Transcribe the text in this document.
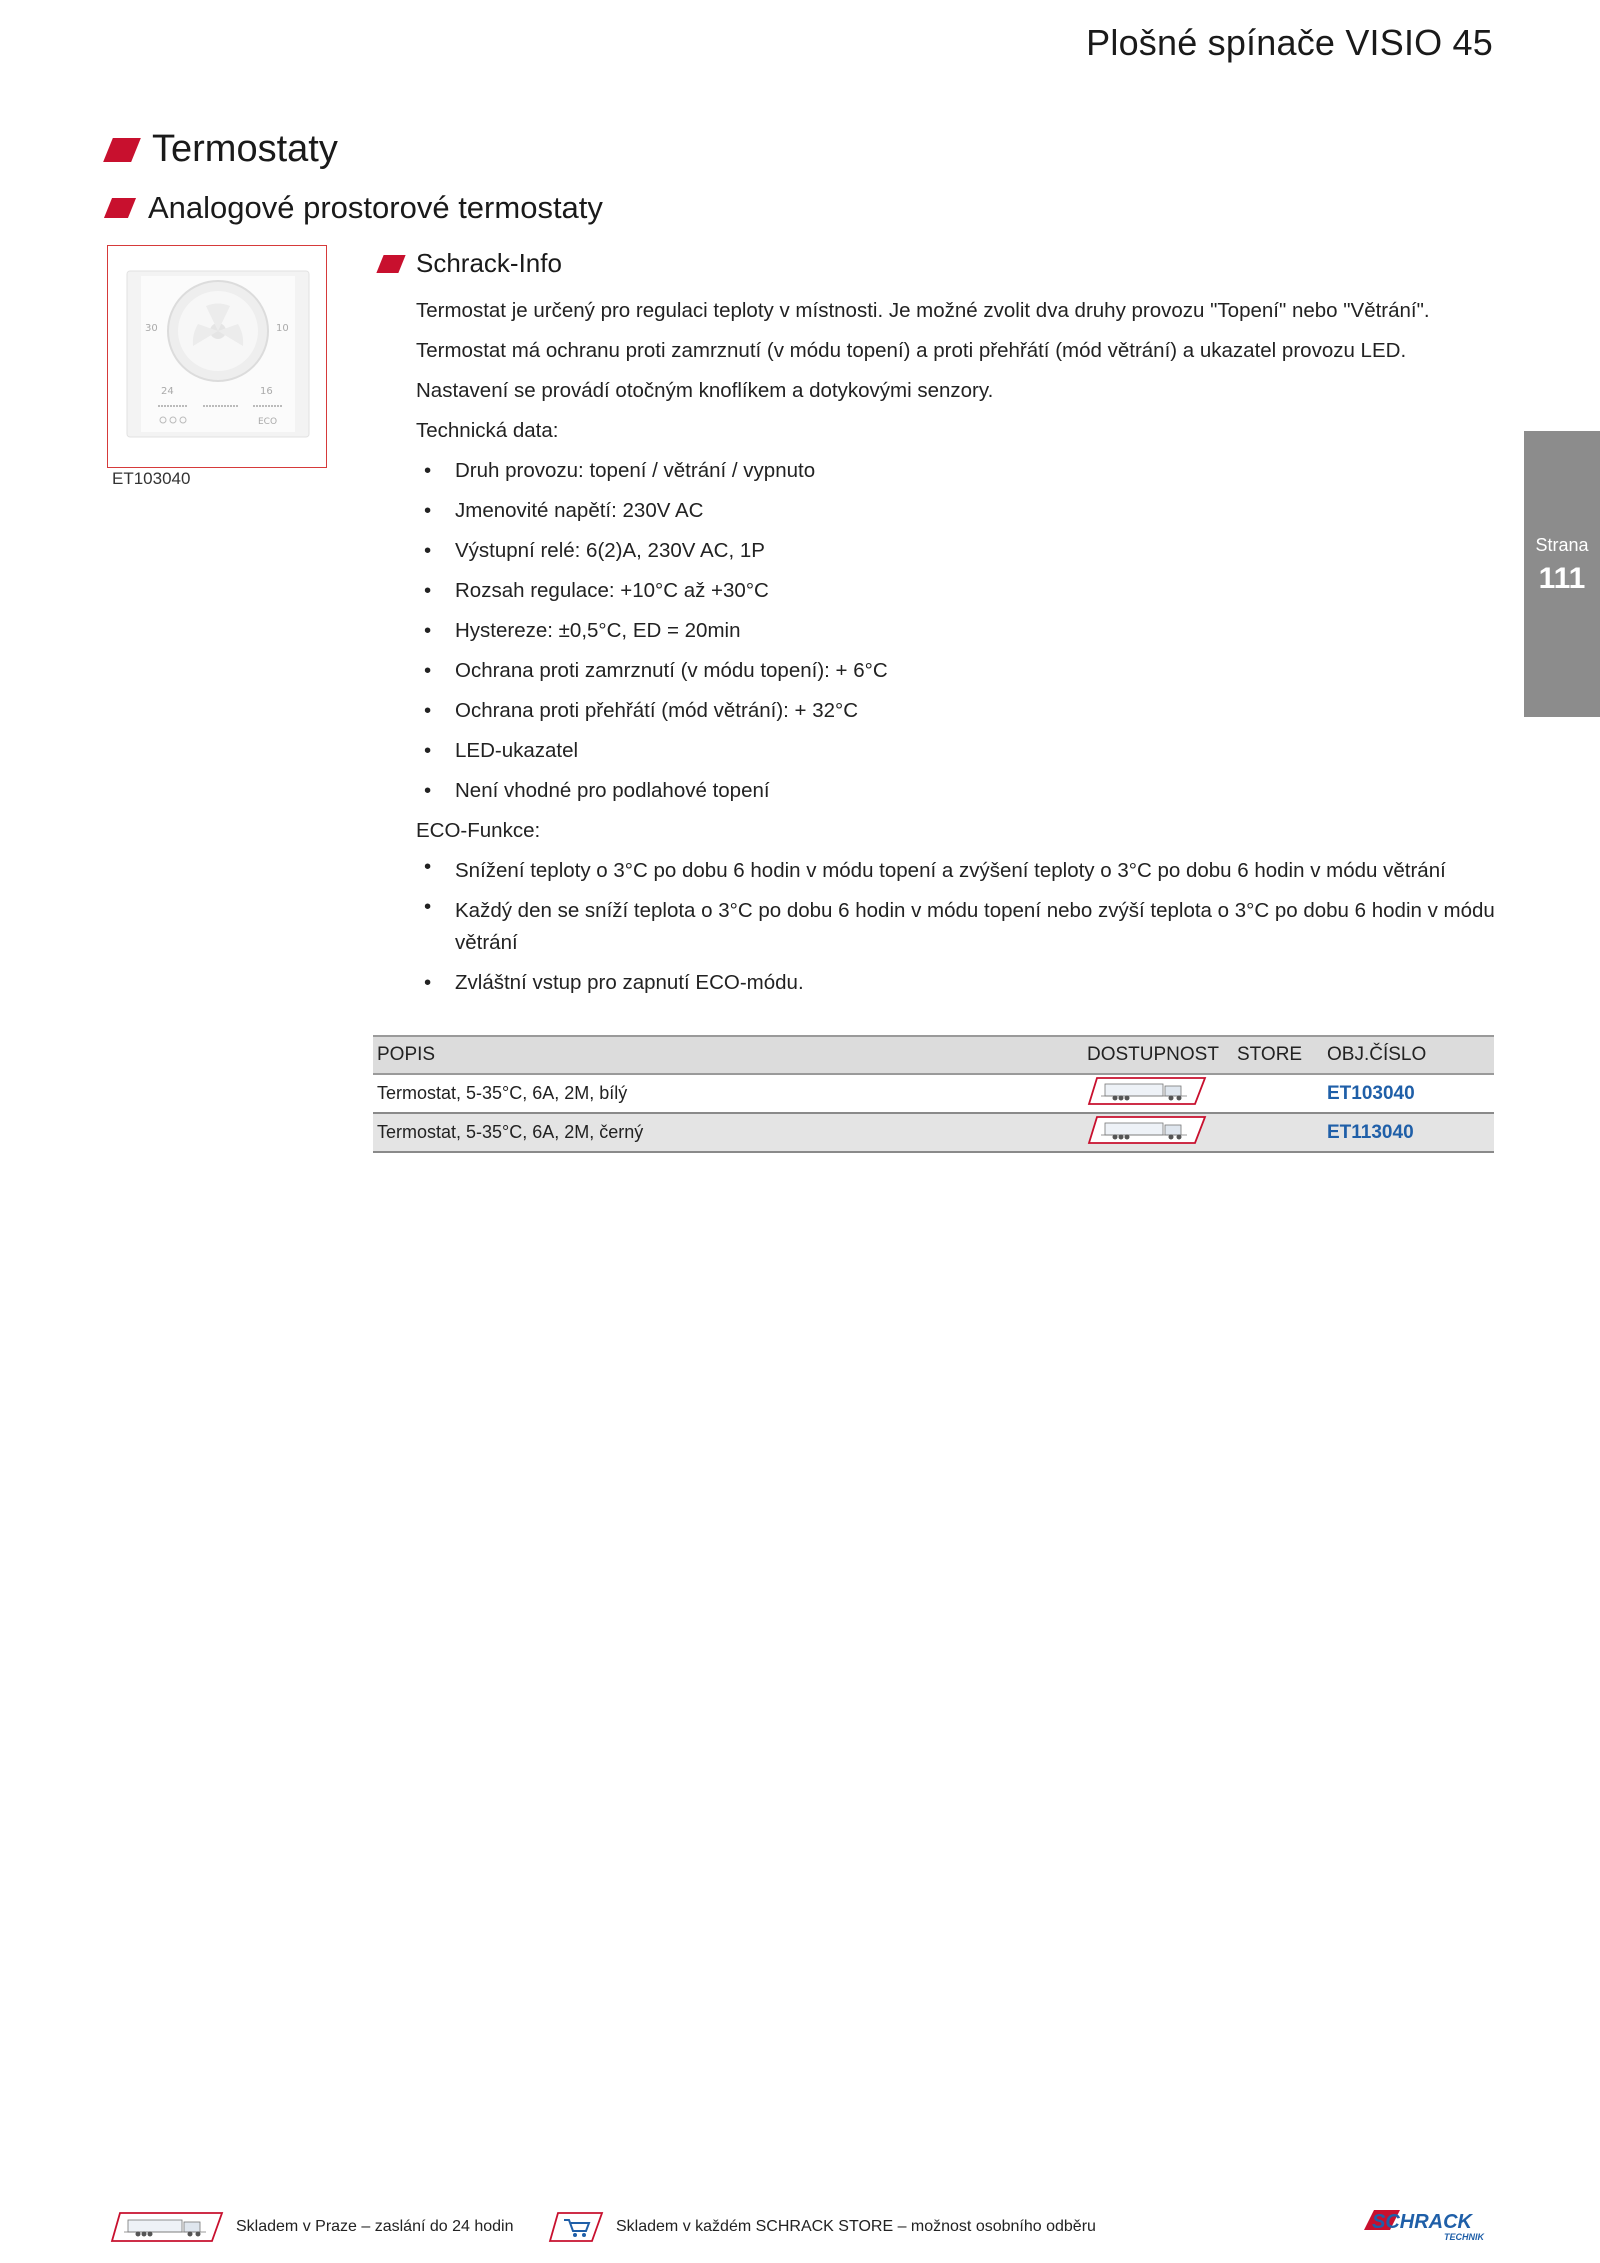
Plošné spínače VISIO 45
Termostaty
Analogové prostorové termostaty
30	10
24	16
ECO
ET103040
Schrack-Info

Termostat je určený pro regulaci teploty v místnosti. Je možné zvolit dva druhy provozu "Topení" nebo "Větrání".

Termostat má ochranu proti zamrznutí (v módu topení) a proti přehřátí (mód větrání) a ukazatel provozu LED.

Nastavení se provádí otočným knoflíkem a dotykovými senzory.

Technická data:

• Druh provozu: topení / větrání / vypnuto
• Jmenovité napětí: 230V AC
• Výstupní relé: 6(2)A, 230V AC, 1P
• Rozsah regulace: +10°C až +30°C
• Hystereze: ±0,5°C, ED = 20min
• Ochrana proti zamrznutí (v módu topení): + 6°C
• Ochrana proti přehřátí (mód větrání): + 32°C
• LED-ukazatel
• Není vhodné pro podlahové topení

ECO-Funkce:

• Snížení teploty o 3°C po dobu 6 hodin v módu topení a zvýšení teploty o 3°C po dobu 6 hodin v módu větrání
• Každý den se sníží teplota o 3°C po dobu 6 hodin v módu topení nebo zvýší teplota o 3°C po dobu 6 hodin v módu větrání
• Zvláštní vstup pro zapnutí ECO-módu.
POPIS	DOSTUPNOST	STORE	OBJ.ČÍSLO
Termostat, 5-35°C, 6A, 2M, bílý			ET103040
Termostat, 5-35°C, 6A, 2M, černý			ET113040
Strana
111
Skladem v Praze – zaslání do 24 hodin	Skladem v každém SCHRACK STORE – možnost osobního odběru	SCHRACK
TECHNIK
